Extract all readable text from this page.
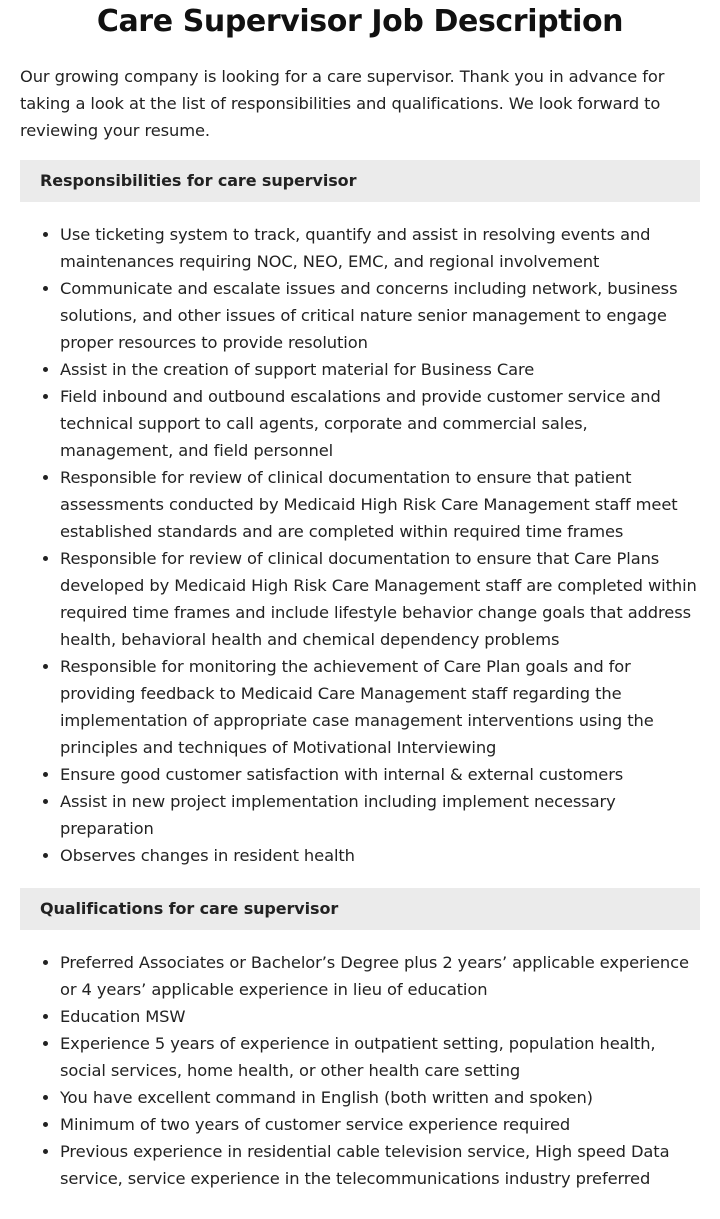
Care Supervisor Job Description

Our growing company is looking for a care supervisor. Thank you in advance for taking a look at the list of responsibilities and qualifications. We look forward to reviewing your resume.

Responsibilities for care supervisor
• Use ticketing system to track, quantify and assist in resolving events and maintenances requiring NOC, NEO, EMC, and regional involvement
• Communicate and escalate issues and concerns including network, business solutions, and other issues of critical nature senior management to engage proper resources to provide resolution
• Assist in the creation of support material for Business Care
• Field inbound and outbound escalations and provide customer service and technical support to call agents, corporate and commercial sales, management, and field personnel
• Responsible for review of clinical documentation to ensure that patient assessments conducted by Medicaid High Risk Care Management staff meet established standards and are completed within required time frames
• Responsible for review of clinical documentation to ensure that Care Plans developed by Medicaid High Risk Care Management staff are completed within required time frames and include lifestyle behavior change goals that address health, behavioral health and chemical dependency problems
• Responsible for monitoring the achievement of Care Plan goals and for providing feedback to Medicaid Care Management staff regarding the implementation of appropriate case management interventions using the principles and techniques of Motivational Interviewing
• Ensure good customer satisfaction with internal & external customers
• Assist in new project implementation including implement necessary preparation
• Observes changes in resident health
Qualifications for care supervisor
• Preferred Associates or Bachelor’s Degree plus 2 years’ applicable experience or 4 years’ applicable experience in lieu of education
• Education MSW
• Experience 5 years of experience in outpatient setting, population health, social services, home health, or other health care setting
• You have excellent command in English (both written and spoken)
• Minimum of two years of customer service experience required
• Previous experience in residential cable television service, High speed Data service, service experience in the telecommunications industry preferred
